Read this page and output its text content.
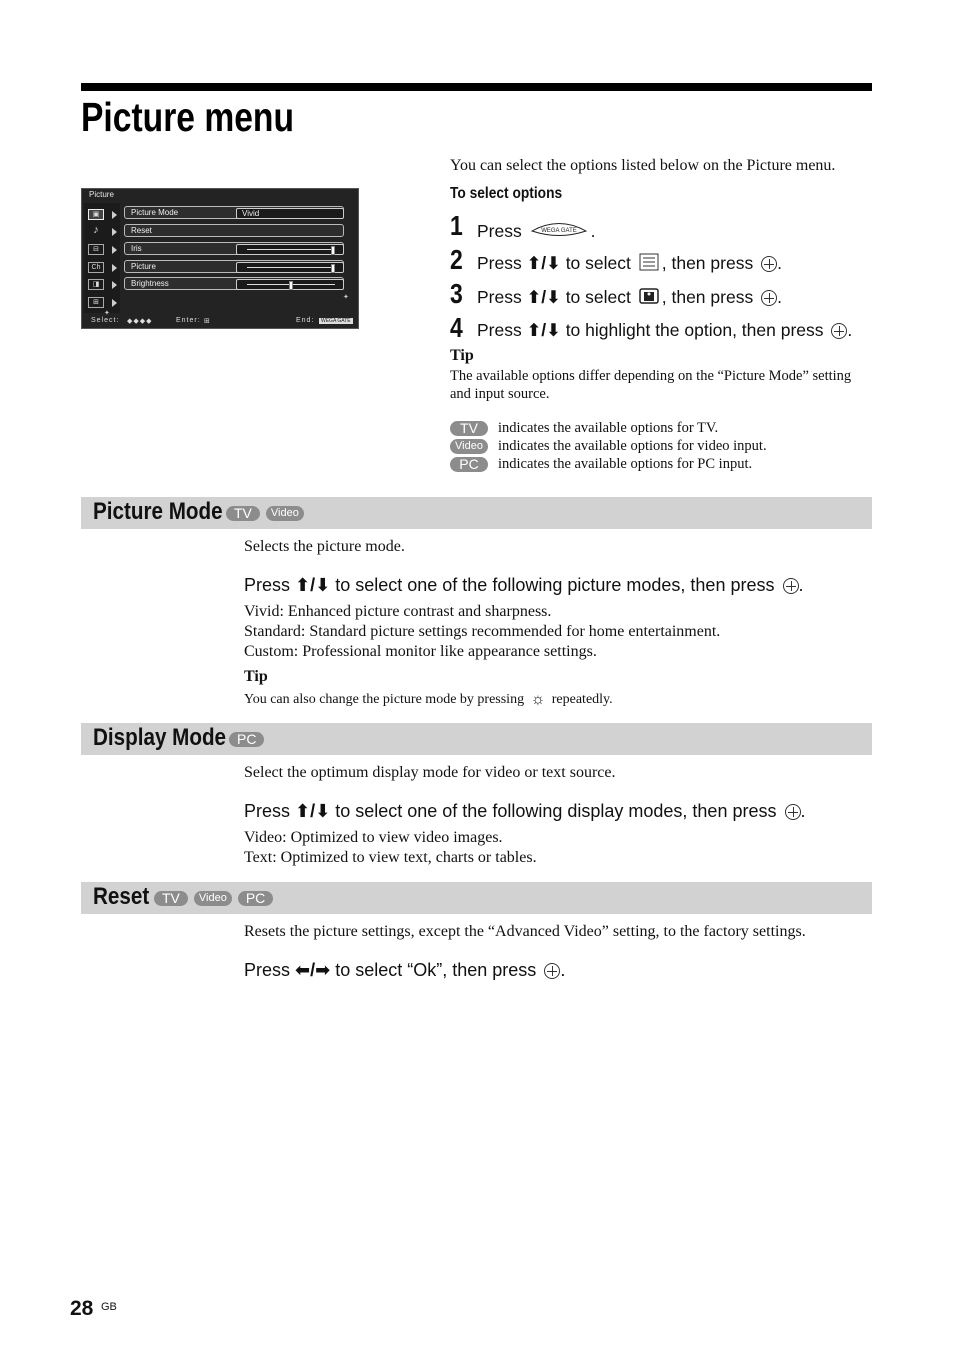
Picture menu
Picture
▣
♪
⊟
Ch
◨
⊞
Picture Mode	Vivid
Reset
Iris
Picture
Brightness
✦
✦
Select: ◆◆◆◆	Enter: ⊞	End:	WEGA GATE
You can select the options listed below on the Picture menu.
To select options
1 Press	WEGA GATE .
2 Press ⬆/⬇ to select , then press .
3 Press ⬆/⬇ to select , then press .
4 Press ⬆/⬇ to highlight the option, then press .
Tip
The available options differ depending on the “Picture Mode” setting and input source.
TV	indicates the available options for TV.
Video	indicates the available options for video input.
PC	indicates the available options for PC input.
Picture Mode TV	Video
Selects the picture mode.
Press ⬆/⬇ to select one of the following picture modes, then press .
Vivid: Enhanced picture contrast and sharpness.
Standard: Standard picture settings recommended for home entertainment.
Custom: Professional monitor like appearance settings.
Tip
You can also change the picture mode by pressing ☼ repeatedly.
Display Mode PC
Select the optimum display mode for video or text source.
Press ⬆/⬇ to select one of the following display modes, then press .
Video: Optimized to view video images.
Text: Optimized to view text, charts or tables.
Reset TV	Video	PC
Resets the picture settings, except the “Advanced Video” setting, to the factory settings.
Press ⬅/➡ to select “Ok”, then press .
28 GB
